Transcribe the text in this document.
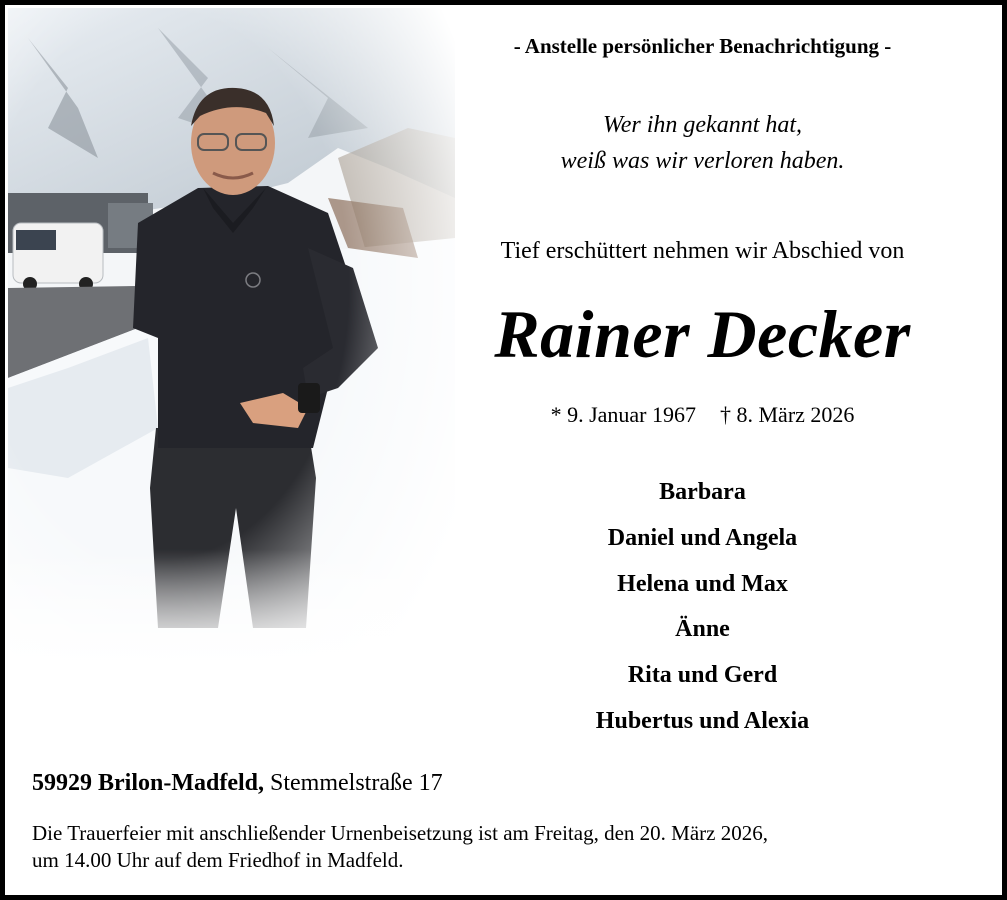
- Anstelle persönlicher Benachrichtigung -
Wer ihn gekannt hat,
weiß was wir verloren haben.
Tief erschüttert nehmen wir Abschied von
Rainer Decker
* 9. Januar 1967 † 8. März 2026
Barbara
Daniel und Angela
Helena und Max
Änne
Rita und Gerd
Hubertus und Alexia
59929 Brilon-Madfeld, Stemmelstraße 17
Die Trauerfeier mit anschließender Urnenbeisetzung ist am Freitag, den 20. März 2026,
um 14.00 Uhr auf dem Friedhof in Madfeld.
